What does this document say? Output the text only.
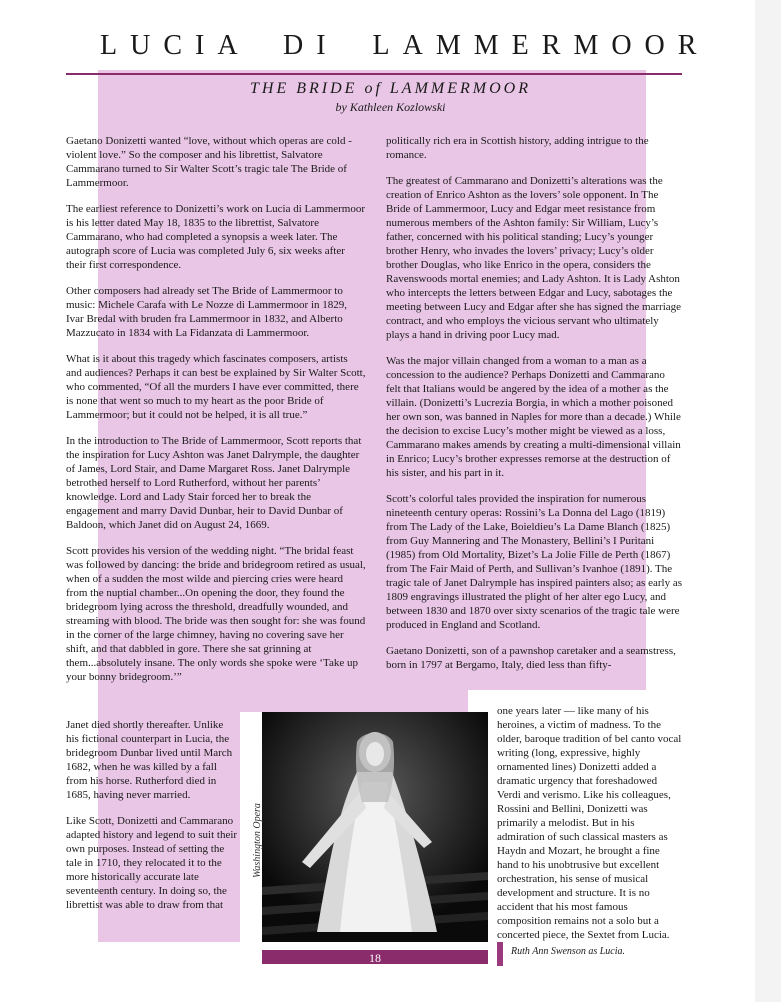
LUCIA DI LAMMERMOOR
THE BRIDE of LAMMERMOOR
by Kathleen Kozlowski

Gaetano Donizetti wanted “love, without which operas are cold - violent love.” So the composer and his librettist, Salvatore Cammarano turned to Sir Walter Scott’s tragic tale The Bride of Lammermoor.

The earliest reference to Donizetti’s work on Lucia di Lammermoor is his letter dated May 18, 1835 to the librettist, Salvatore Cammarano, who had completed a synopsis a week later. The autograph score of Lucia was completed July 6, six weeks after their first correspondence.

Other composers had already set The Bride of Lammermoor to music: Michele Carafa with Le Nozze di Lammermoor in 1829, Ivar Bredal with bruden fra Lammermoor in 1832, and Alberto Mazzucato in 1834 with La Fidanzata di Lammermoor.

What is it about this tragedy which fascinates composers, artists and audiences? Perhaps it can best be explained by Sir Walter Scott, who commented, “Of all the murders I have ever committed, there is none that went so much to my heart as the poor Bride of Lammermoor; but it could not be helped, it is all true.”

In the introduction to The Bride of Lammermoor, Scott reports that the inspiration for Lucy Ashton was Janet Dalrymple, the daughter of James, Lord Stair, and Dame Margaret Ross. Janet Dalrymple betrothed herself to Lord Rutherford, without her parents’ knowledge. Lord and Lady Stair forced her to break the engagement and marry David Dunbar, heir to David Dunbar of Baldoon, which Janet did on August 24, 1669.

Scott provides his version of the wedding night. “The bridal feast was followed by dancing: the bride and bridegroom retired as usual, when of a sudden the most wilde and piercing cries were heard from the nuptial chamber...On opening the door, they found the bridegroom lying across the threshold, dreadfully wounded, and streaming with blood. The bride was then sought for: she was found in the corner of the large chimney, having no covering save her shift, and that dabbled in gore. There she sat grinning at them...absolutely insane. The only words she spoke were ‘Take up your bonny bridegroom.’”

Janet died shortly thereafter. Unlike his fictional counterpart in Lucia, the bridegroom Dunbar lived until March 1682, when he was killed by a fall from his horse. Rutherford died in 1685, having never married.

Like Scott, Donizetti and Cammarano adapted history and legend to suit their own purposes. Instead of setting the tale in 1710, they relocated it to the more historically accurate late seventeenth century. In doing so, the librettist was able to draw from that

politically rich era in Scottish history, adding intrigue to the romance.

The greatest of Cammarano and Donizetti’s alterations was the creation of Enrico Ashton as the lovers’ sole opponent. In The Bride of Lammermoor, Lucy and Edgar meet resistance from numerous members of the Ashton family: Sir William, Lucy’s father, concerned with his political standing; Lucy’s younger brother Henry, who invades the lovers’ privacy; Lucy’s older brother Douglas, who like Enrico in the opera, considers the Ravenswoods mortal enemies; and Lady Ashton. It is Lady Ashton who intercepts the letters between Edgar and Lucy, sabotages the meeting between Lucy and Edgar after she has signed the marriage contract, and who employs the vicious servant who ultimately plays a hand in driving poor Lucy mad.

Was the major villain changed from a woman to a man as a concession to the audience? Perhaps Donizetti and Cammarano felt that Italians would be angered by the idea of a mother as the villain. (Donizetti’s Lucrezia Borgia, in which a mother poisoned her own son, was banned in Naples for more than a decade.) While the decision to excise Lucy’s mother might be viewed as a loss, Cammarano makes amends by creating a multi-dimensional villain in Enrico; Lucy’s brother expresses remorse at the destruction of his sister, and his part in it.

Scott’s colorful tales provided the inspiration for numerous nineteenth century operas: Rossini’s La Donna del Lago (1819) from The Lady of the Lake, Boieldieu’s La Dame Blanch (1825) from Guy Mannering and The Monastery, Bellini’s I Puritani (1985) from Old Mortality, Bizet’s La Jolie Fille de Perth (1867) from The Fair Maid of Perth, and Sullivan’s Ivanhoe (1891). The tragic tale of Janet Dalrymple has inspired painters also; as early as 1809 engravings illustrated the plight of her alter ego Lucy, and between 1830 and 1870 over sixty scenarios of the tragic tale were produced in England and Scotland.

Gaetano Donizetti, son of a pawnshop caretaker and a seamstress, born in 1797 at Bergamo, Italy, died less than fifty-

one years later — like many of his heroines, a victim of madness. To the older, baroque tradition of bel canto vocal writing (long, expressive, highly ornamented lines) Donizetti added a dramatic urgency that foreshadowed Verdi and verismo. Like his colleagues, Rossini and Bellini, Donizetti was primarily a melodist. But in his admiration of such classical masters as Haydn and Mozart, he brought a fine hand to his unobtrusive but excellent orchestration, his sense of musical development and structure. It is no accident that his most famous composition remains not a solo but a concerted piece, the Sextet from Lucia.

Washington Opera
18	Ruth Ann Swenson as Lucia.
